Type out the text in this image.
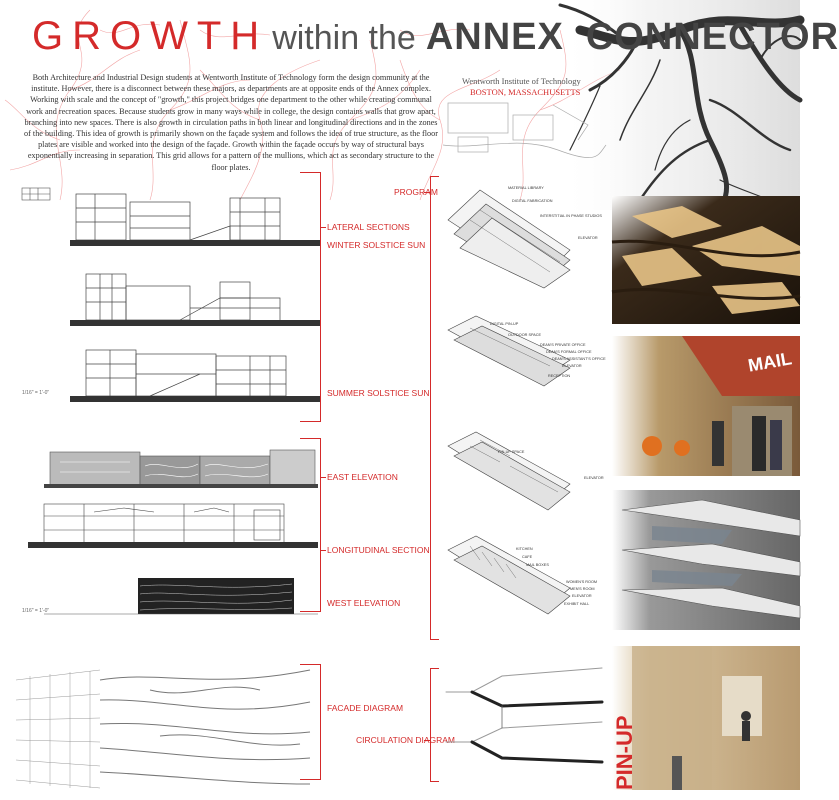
GROWTH within the ANNEX CONNECTOR
Both Architecture and Industrial Design students at Wentworth Institute of Technology form the design community at the institute. However, there is a disconnect between these majors, as departments are at opposite ends of the Annex complex. Working with scale and the concept of "growth," this project bridges one department to the other while creating communal work and recreation spaces. Because students grow in many ways while in college, the design contains walls that grow apart, branching into new spaces. There is also growth in circulation paths in both linear and longitudinal directions and in the zones of the building. This idea of growth is primarily shown on the façade system and follows the idea of true structure, as the floor plates are visible and worked into the design of the façade. Growth within the façade occurs by way of structural bays exponentially increasing in separation. This grid allows for a pattern of the mullions, which act as secondary structure to the floor plates.
Wentworth Institute of Technology
BOSTON, MASSACHUSETTS
1/16" = 1'-0"
1/16" = 1'-0"
LATERAL SECTIONS
WINTER SOLSTICE SUN
SUMMER SOLSTICE SUN
EAST ELEVATION
LONGITUDINAL SECTION
WEST ELEVATION
FACADE DIAGRAM
PROGRAM
CIRCULATION DIAGRAM
MATERIAL LIBRARY
DIGITAL FABRICATION
INTERSTITIAL IN PHASE STUDIOS
ELEVATOR
DIGITAL PIN-UP
OUTDOOR SPACE
DEAN'S PRIVATE OFFICE
DEAN'S FORMAL OFFICE
DEAN'S ASSISTANT'S OFFICE
ELEVATOR
RECEPTION
PIN-UP SPACE
ELEVATOR
KITCHEN
CAFE
MAIL BOXES
WOMEN'S ROOM
MEN'S ROOM
ELEVATOR
EXHIBIT HALL
MAIL
PIN-UP
